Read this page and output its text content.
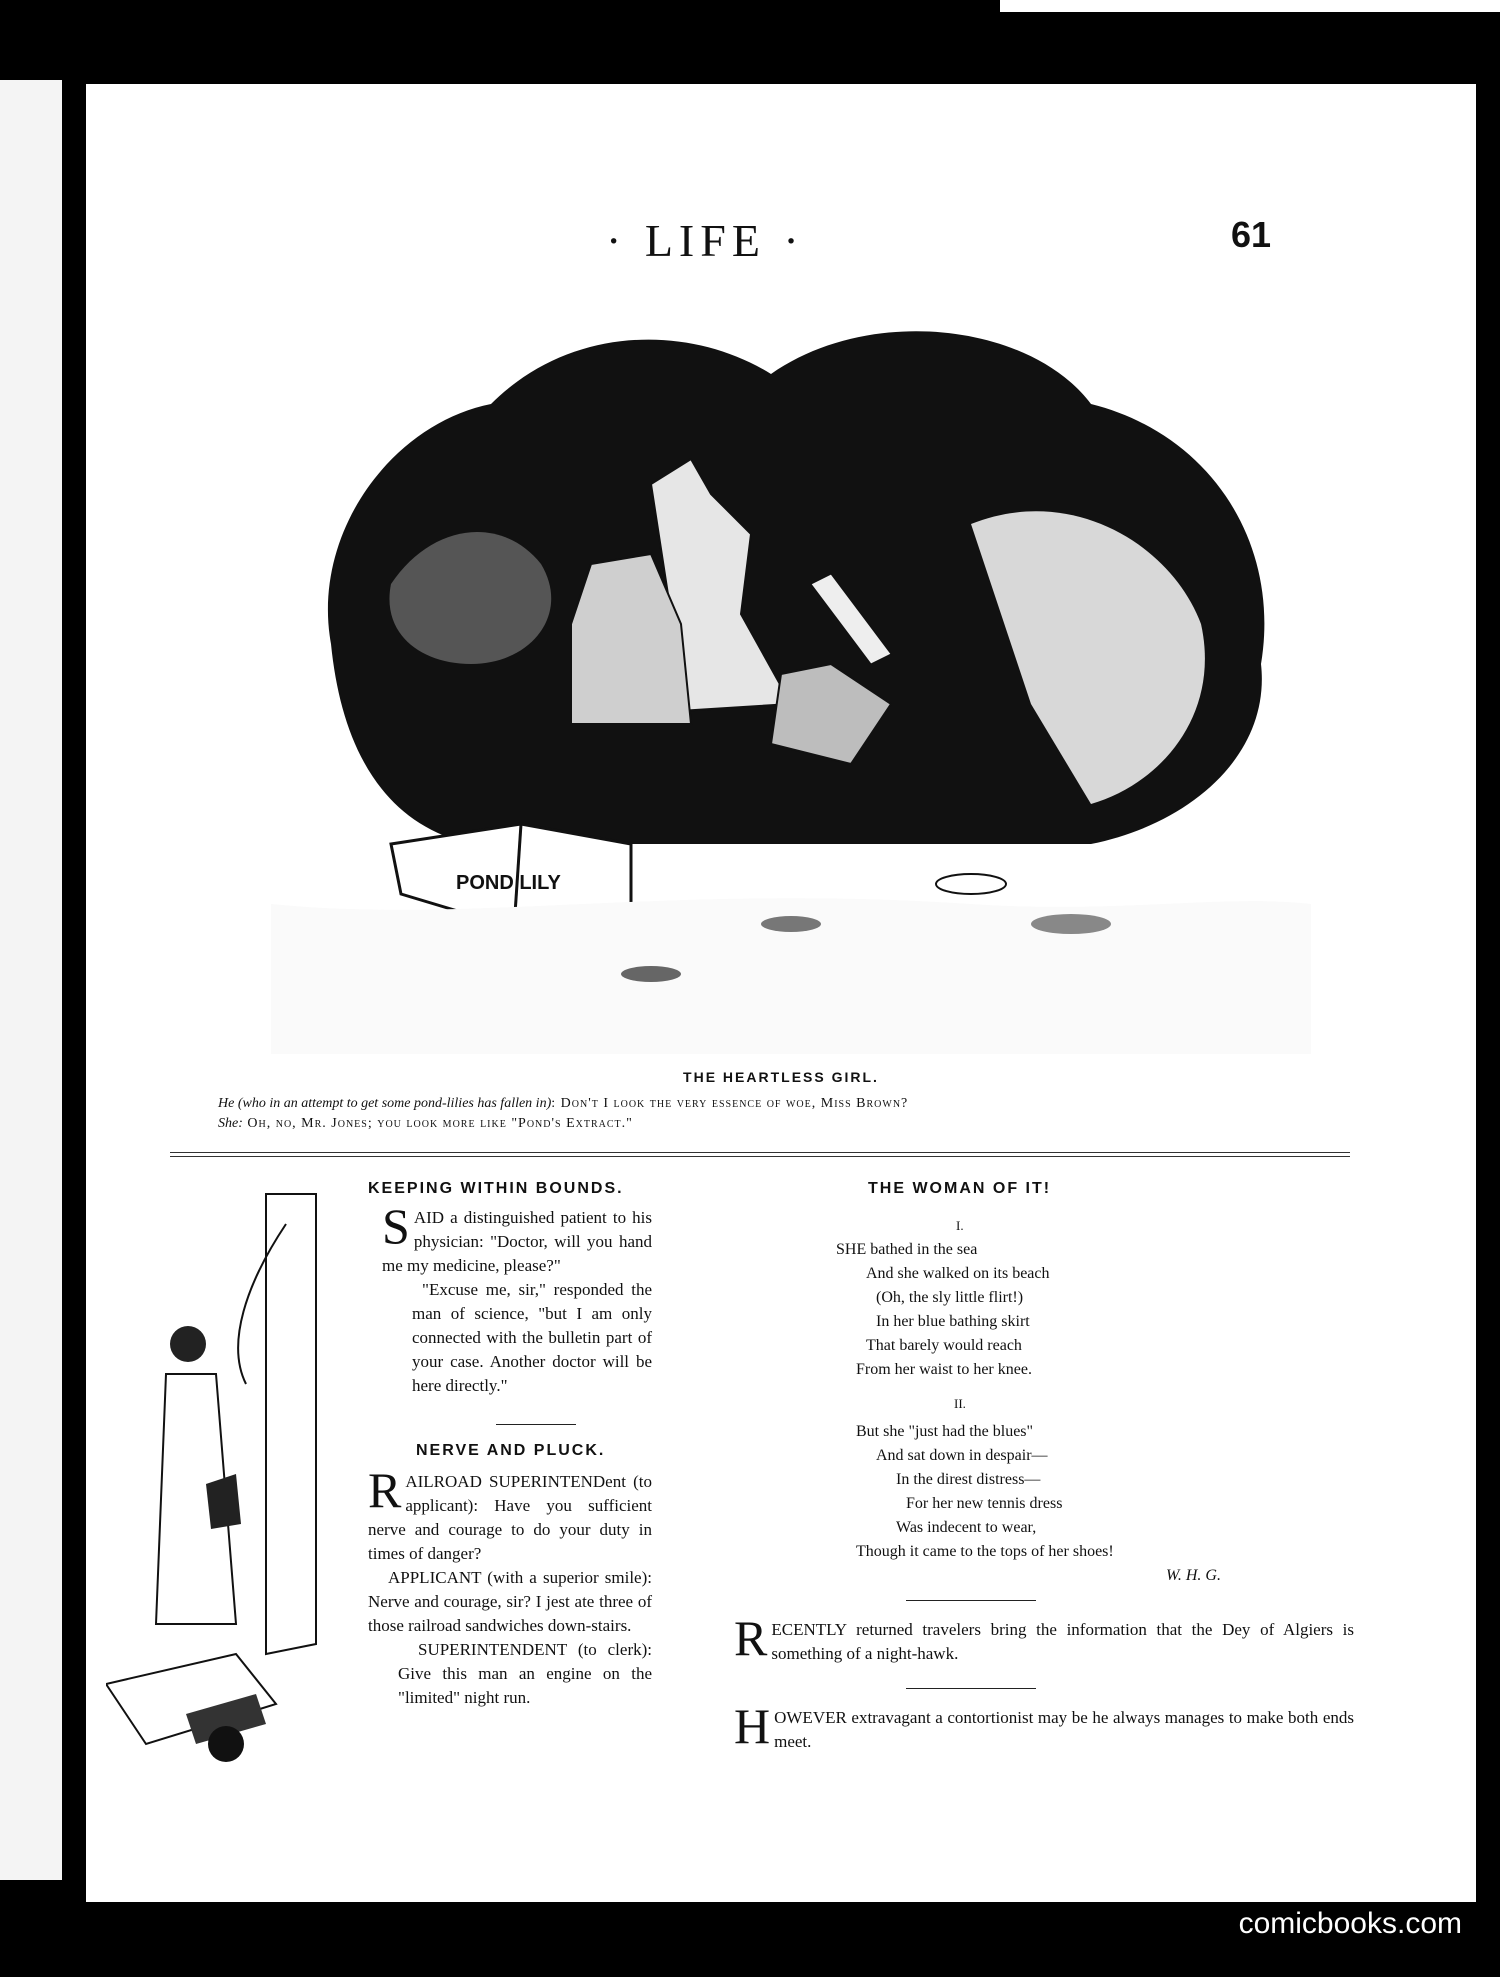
· LIFE ·	61
POND LILY
THE HEARTLESS GIRL.
He (who in an attempt to get some pond-lilies has fallen in): Don't I look the very essence of woe, Miss Brown?
She: Oh, no, Mr. Jones; you look more like "Pond's Extract."
KEEPING WITHIN BOUNDS.

SAID a distinguished patient to his physician: "Doctor, will you hand me my medicine, please?"

"Excuse me, sir," responded the man of science, "but I am only connected with the bulletin part of your case. Another doctor will be here directly."

NERVE AND PLUCK.

RAILROAD SUPERINTENDent (to applicant): Have you sufficient nerve and courage to do your duty in times of danger?

APPLICANT (with a superior smile): Nerve and courage, sir? I jest ate three of those railroad sandwiches down-stairs.

SUPERINTENDENT (to clerk): Give this man an engine on the "limited" night run.

THE WOMAN OF IT!
I.
SHE bathed in the sea
And she walked on its beach
(Oh, the sly little flirt!)
In her blue bathing skirt
That barely would reach
From her waist to her knee.
II.
But she "just had the blues"
And sat down in despair—
In the direst distress—
For her new tennis dress
Was indecent to wear,
Though it came to the tops of her shoes!
W. H. G.

RECENTLY returned travelers bring the information that the Dey of Algiers is something of a night-hawk.

HOWEVER extravagant a contortionist may be he always manages to make both ends meet.

comicbooks.com
